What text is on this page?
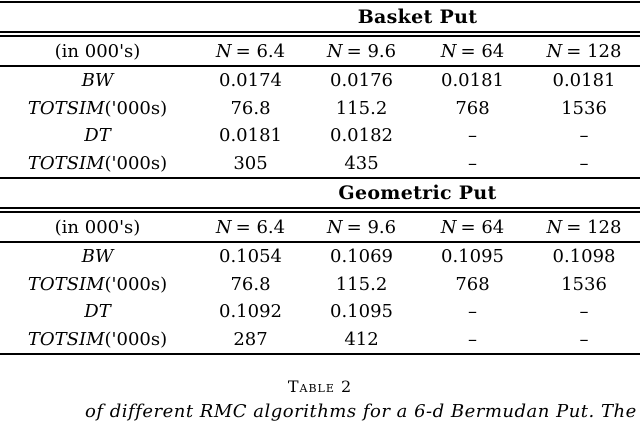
Basket Put
(in 000's)	N = 6.4	N = 9.6	N = 64	N = 128
BW	0.0174	0.0176	0.0181	0.0181
TOTSIM('000s)	76.8	115.2	768	1536
DT	0.0181	0.0182	–	–
TOTSIM('000s)	305	435	–	–
Geometric Put
(in 000's)	N = 6.4	N = 9.6	N = 64	N = 128
BW	0.1054	0.1069	0.1095	0.1098
TOTSIM('000s)	76.8	115.2	768	1536
DT	0.1092	0.1095	–	–
TOTSIM('000s)	287	412	–	–
Table 2
of different RMC algorithms for a 6-d Bermudan Put. The
